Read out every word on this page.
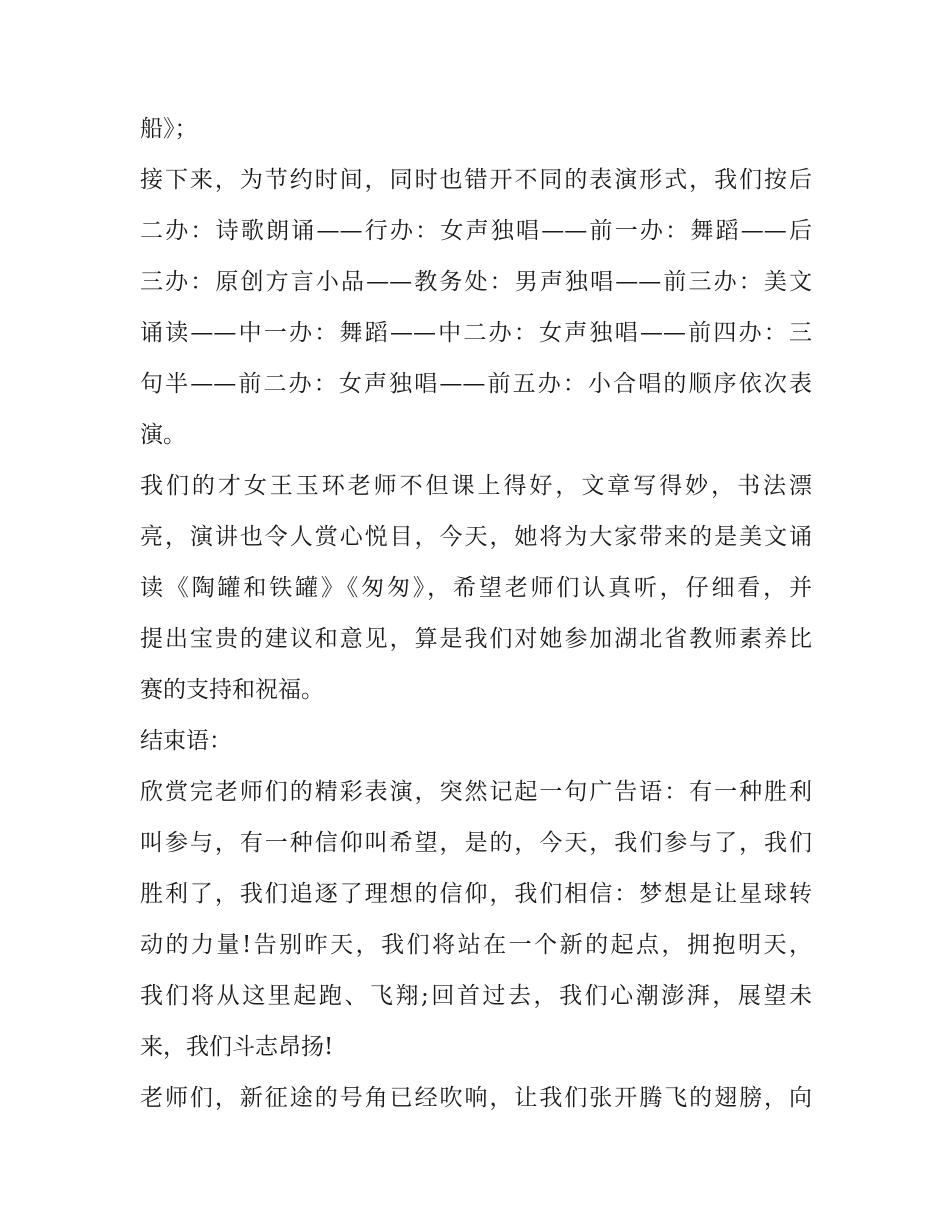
船》；
接下来，为节约时间，同时也错开不同的表演形式，我们按后
二办：诗歌朗诵——行办：女声独唱——前一办：舞蹈——后
三办：原创方言小品——教务处：男声独唱——前三办：美文
诵读——中一办：舞蹈——中二办：女声独唱——前四办：三
句半——前二办：女声独唱——前五办：小合唱的顺序依次表
演。
我们的才女王玉环老师不但课上得好，文章写得妙，书法漂
亮，演讲也令人赏心悦目，今天，她将为大家带来的是美文诵
读《陶罐和铁罐》《匆匆》，希望老师们认真听，仔细看，并
提出宝贵的建议和意见，算是我们对她参加湖北省教师素养比
赛的支持和祝福。
结束语：
欣赏完老师们的精彩表演，突然记起一句广告语：有一种胜利
叫参与，有一种信仰叫希望，是的，今天，我们参与了，我们
胜利了，我们追逐了理想的信仰，我们相信：梦想是让星球转
动的力量!告别昨天，我们将站在一个新的起点，拥抱明天，
我们将从这里起跑、飞翔;回首过去，我们心潮澎湃，展望未
来，我们斗志昂扬!
老师们，新征途的号角已经吹响，让我们张开腾飞的翅膀，向
